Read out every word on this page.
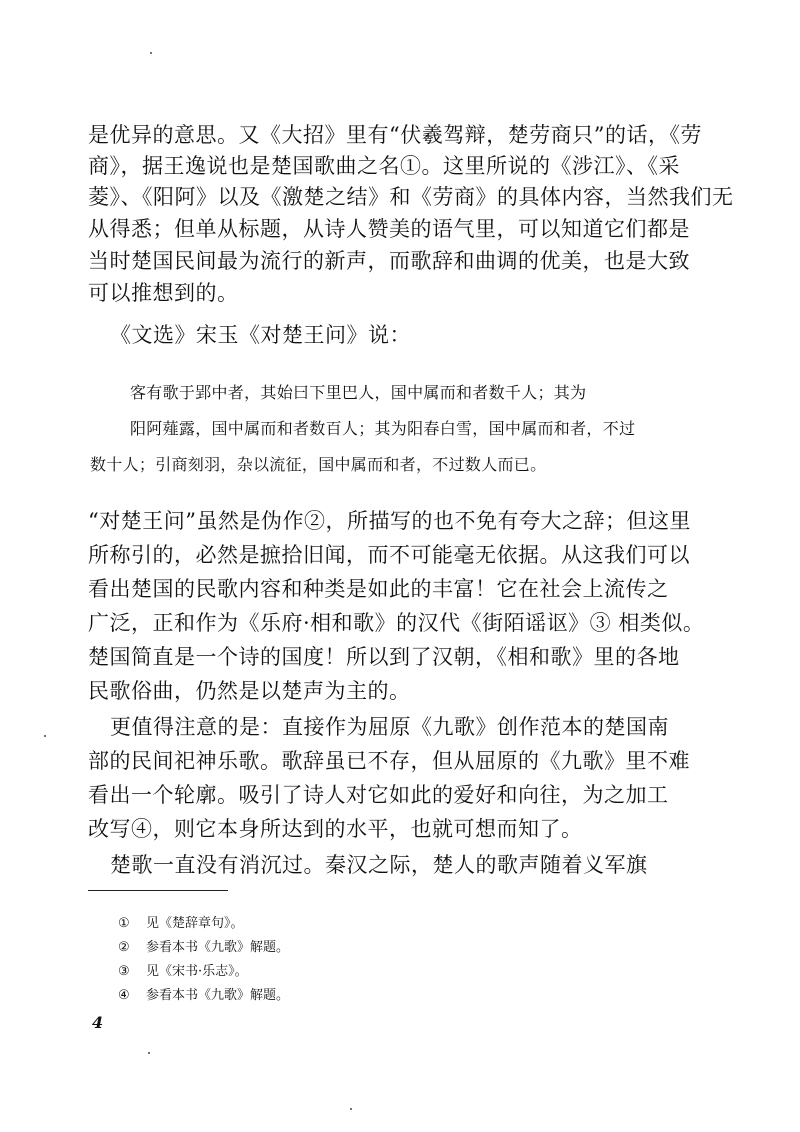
是优异的意思。又《大招》里有“伏羲驾辩，楚劳商只”的话，《劳
商》，据王逸说也是楚国歌曲之名①。这里所说的《涉江》、《采
菱》、《阳阿》以及《激楚之结》和《劳商》的具体内容，当然我们无
从得悉；但单从标题，从诗人赞美的语气里，可以知道它们都是
当时楚国民间最为流行的新声，而歌辞和曲调的优美，也是大致
可以推想到的。
《文选》宋玉《对楚王问》说：
客有歌于郢中者，其始曰下里巴人，国中属而和者数千人；其为
阳阿薤露，国中属而和者数百人；其为阳春白雪，国中属而和者，不过
数十人；引商刻羽，杂以流征，国中属而和者，不过数人而已。
“对楚王问”虽然是伪作②，所描写的也不免有夸大之辞；但这里
所称引的，必然是摭拾旧闻，而不可能毫无依据。从这我们可以
看出楚国的民歌内容和种类是如此的丰富！它在社会上流传之
广泛，正和作为《乐府·相和歌》的汉代《街陌谣讴》③ 相类似。
楚国简直是一个诗的国度！所以到了汉朝，《相和歌》里的各地
民歌俗曲，仍然是以楚声为主的。
更值得注意的是：直接作为屈原《九歌》创作范本的楚国南
部的民间祀神乐歌。歌辞虽已不存，但从屈原的《九歌》里不难
看出一个轮廓。吸引了诗人对它如此的爱好和向往，为之加工
改写④，则它本身所达到的水平，也就可想而知了。
楚歌一直没有消沉过。秦汉之际，楚人的歌声随着义军旗
① 见《楚辞章句》。
② 参看本书《九歌》解题。
③ 见《宋书·乐志》。
④ 参看本书《九歌》解题。
4
